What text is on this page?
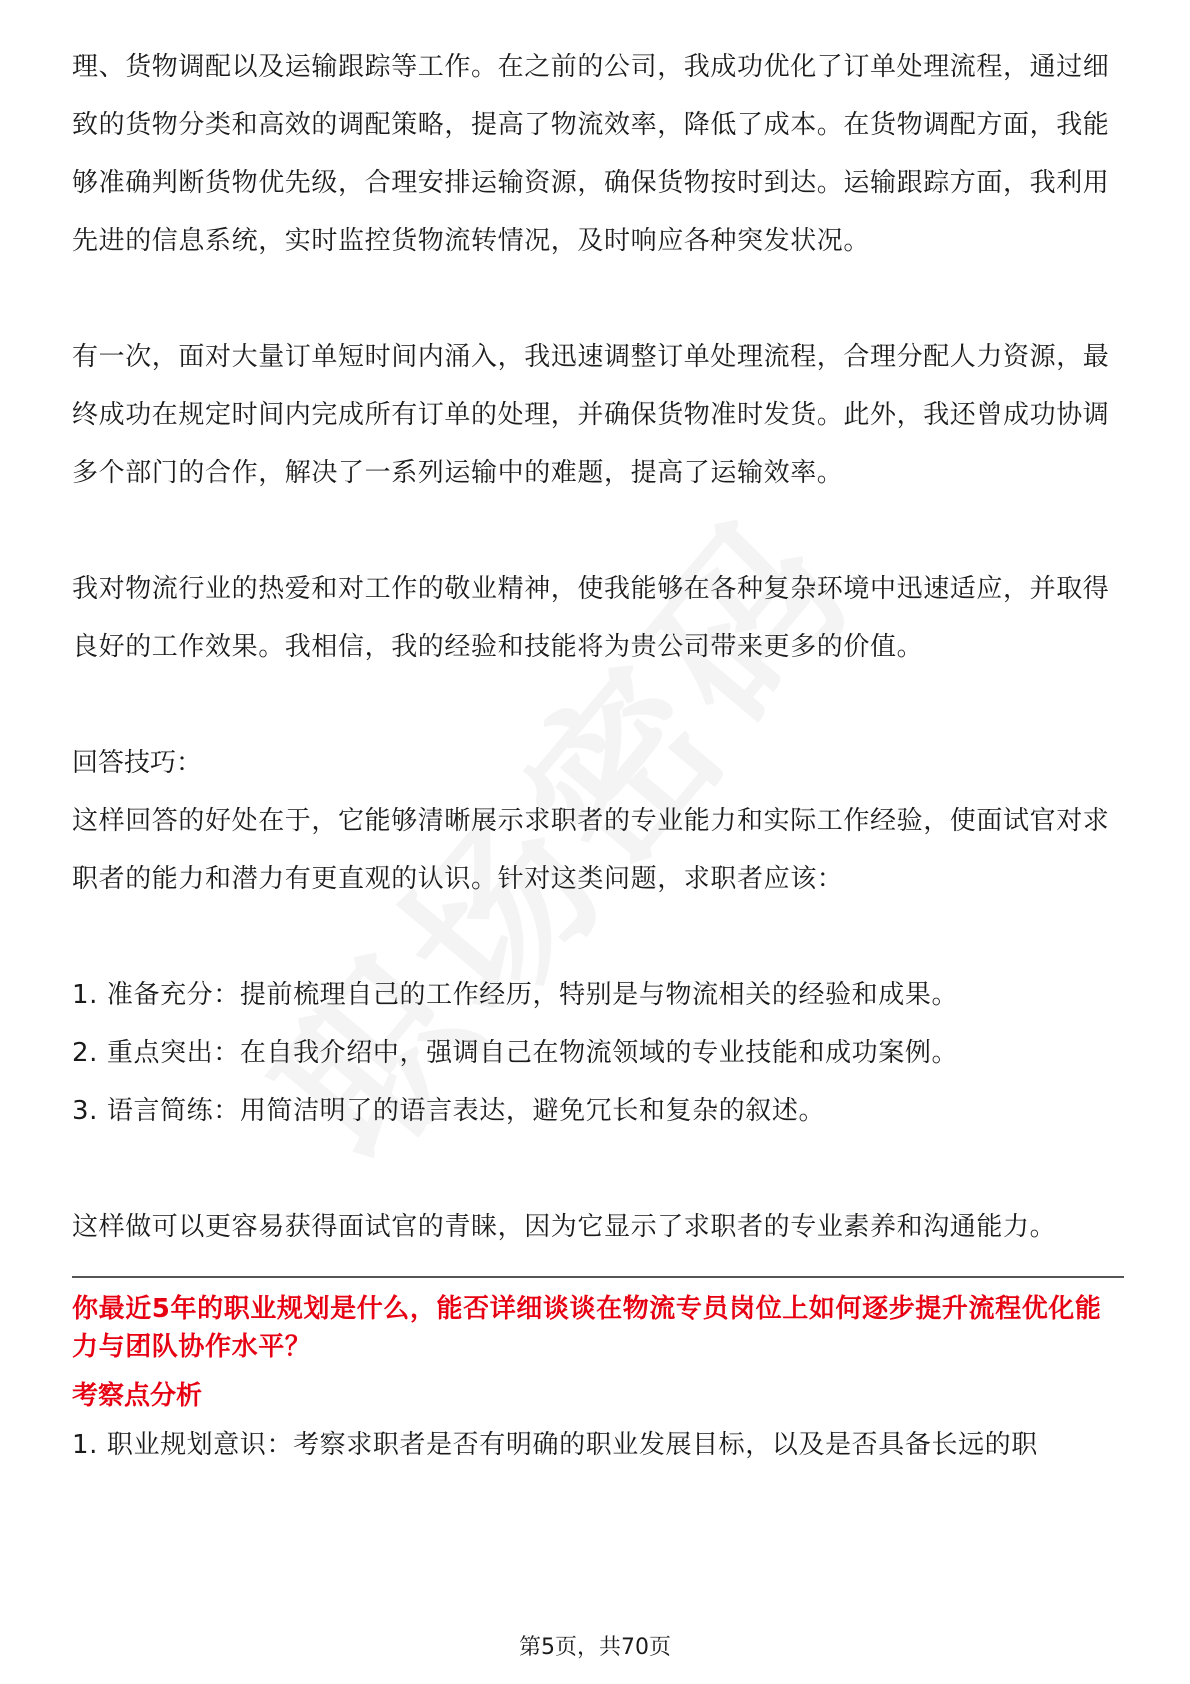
理、货物调配以及运输跟踪等工作。在之前的公司，我成功优化了订单处理流程，通过细致的货物分类和高效的调配策略，提高了物流效率，降低了成本。在货物调配方面，我能够准确判断货物优先级，合理安排运输资源，确保货物按时到达。运输跟踪方面，我利用先进的信息系统，实时监控货物流转情况，及时响应各种突发状况。

有一次，面对大量订单短时间内涌入，我迅速调整订单处理流程，合理分配人力资源，最终成功在规定时间内完成所有订单的处理，并确保货物准时发货。此外，我还曾成功协调多个部门的合作，解决了一系列运输中的难题，提高了运输效率。

我对物流行业的热爱和对工作的敬业精神，使我能够在各种复杂环境中迅速适应，并取得良好的工作效果。我相信，我的经验和技能将为贵公司带来更多的价值。

回答技巧：

这样回答的好处在于，它能够清晰展示求职者的专业能力和实际工作经验，使面试官对求职者的能力和潜力有更直观的认识。针对这类问题，求职者应该：

1. 准备充分：提前梳理自己的工作经历，特别是与物流相关的经验和成果。
2. 重点突出：在自我介绍中，强调自己在物流领域的专业技能和成功案例。
3. 语言简练：用简洁明了的语言表达，避免冗长和复杂的叙述。

这样做可以更容易获得面试官的青睐，因为它显示了求职者的专业素养和沟通能力。

你最近5年的职业规划是什么，能否详细谈谈在物流专员岗位上如何逐步提升流程优化能力与团队协作水平？

考察点分析

1. 职业规划意识：考察求职者是否有明确的职业发展目标，以及是否具备长远的职

第5页，共70页
